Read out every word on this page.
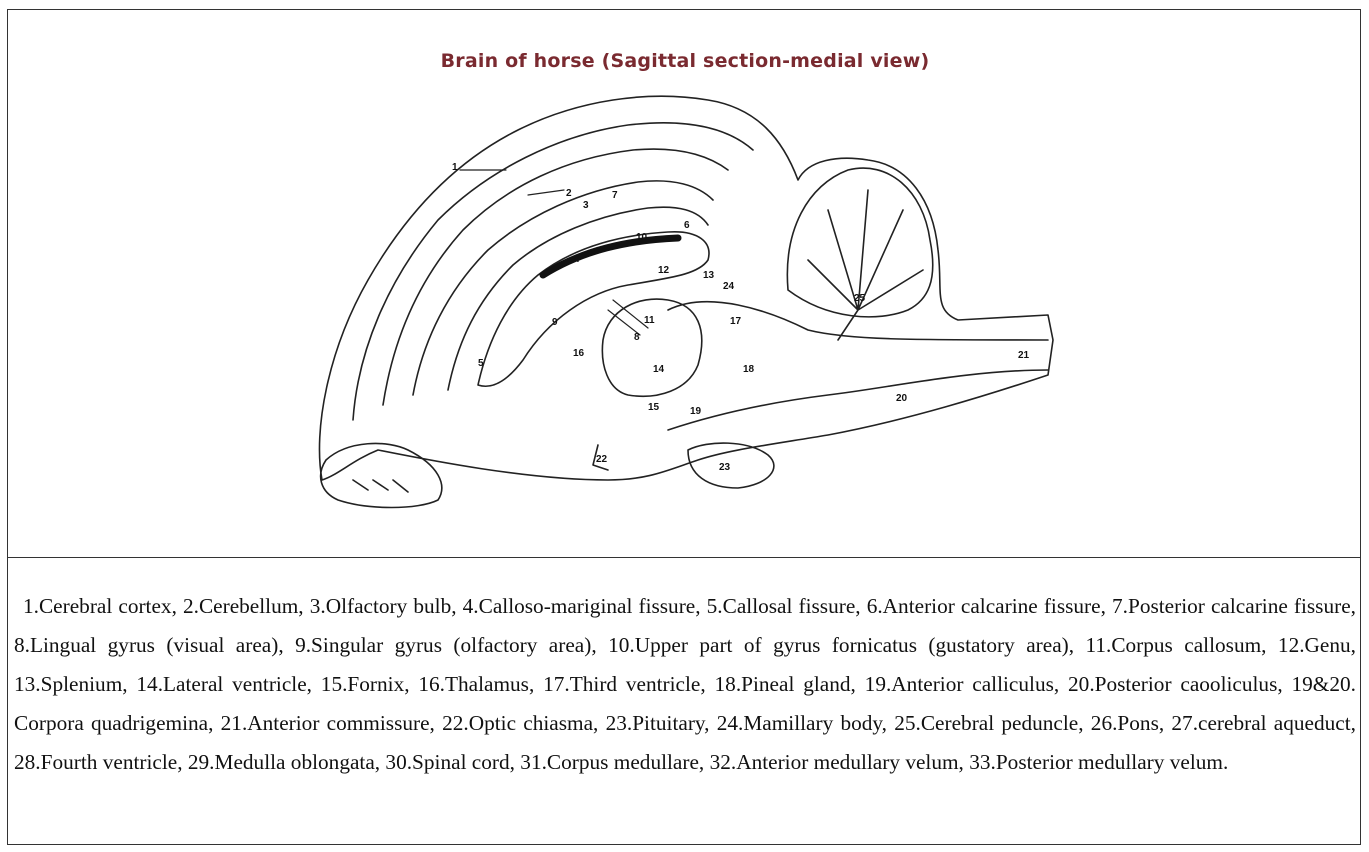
Brain of horse (Sagittal section-medial view)
1
2
3
4
5
6
7
8
9
10
11
12	13
14
15
16
17
18
19
20
21
22
23
24
25
1.Cerebral cortex, 2.Cerebellum, 3.Olfactory bulb, 4.Calloso-mariginal fissure, 5.Callosal fissure, 6.Anterior calcarine fissure, 7.Posterior calcarine fissure, 8.Lingual gyrus (visual area), 9.Singular gyrus (olfactory area), 10.Upper part of gyrus fornicatus (gustatory area), 11.Corpus callosum, 12.Genu, 13.Splenium, 14.Lateral ventricle, 15.Fornix, 16.Thalamus, 17.Third ventricle, 18.Pineal gland, 19.Anterior calliculus, 20.Posterior caooliculus, 19&20. Corpora quadrigemina, 21.Anterior commissure, 22.Optic chiasma, 23.Pituitary, 24.Mamillary body, 25.Cerebral peduncle, 26.Pons, 27.cerebral aqueduct, 28.Fourth ventricle, 29.Medulla oblongata, 30.Spinal cord, 31.Corpus medullare, 32.Anterior medullary velum, 33.Posterior medullary velum.
